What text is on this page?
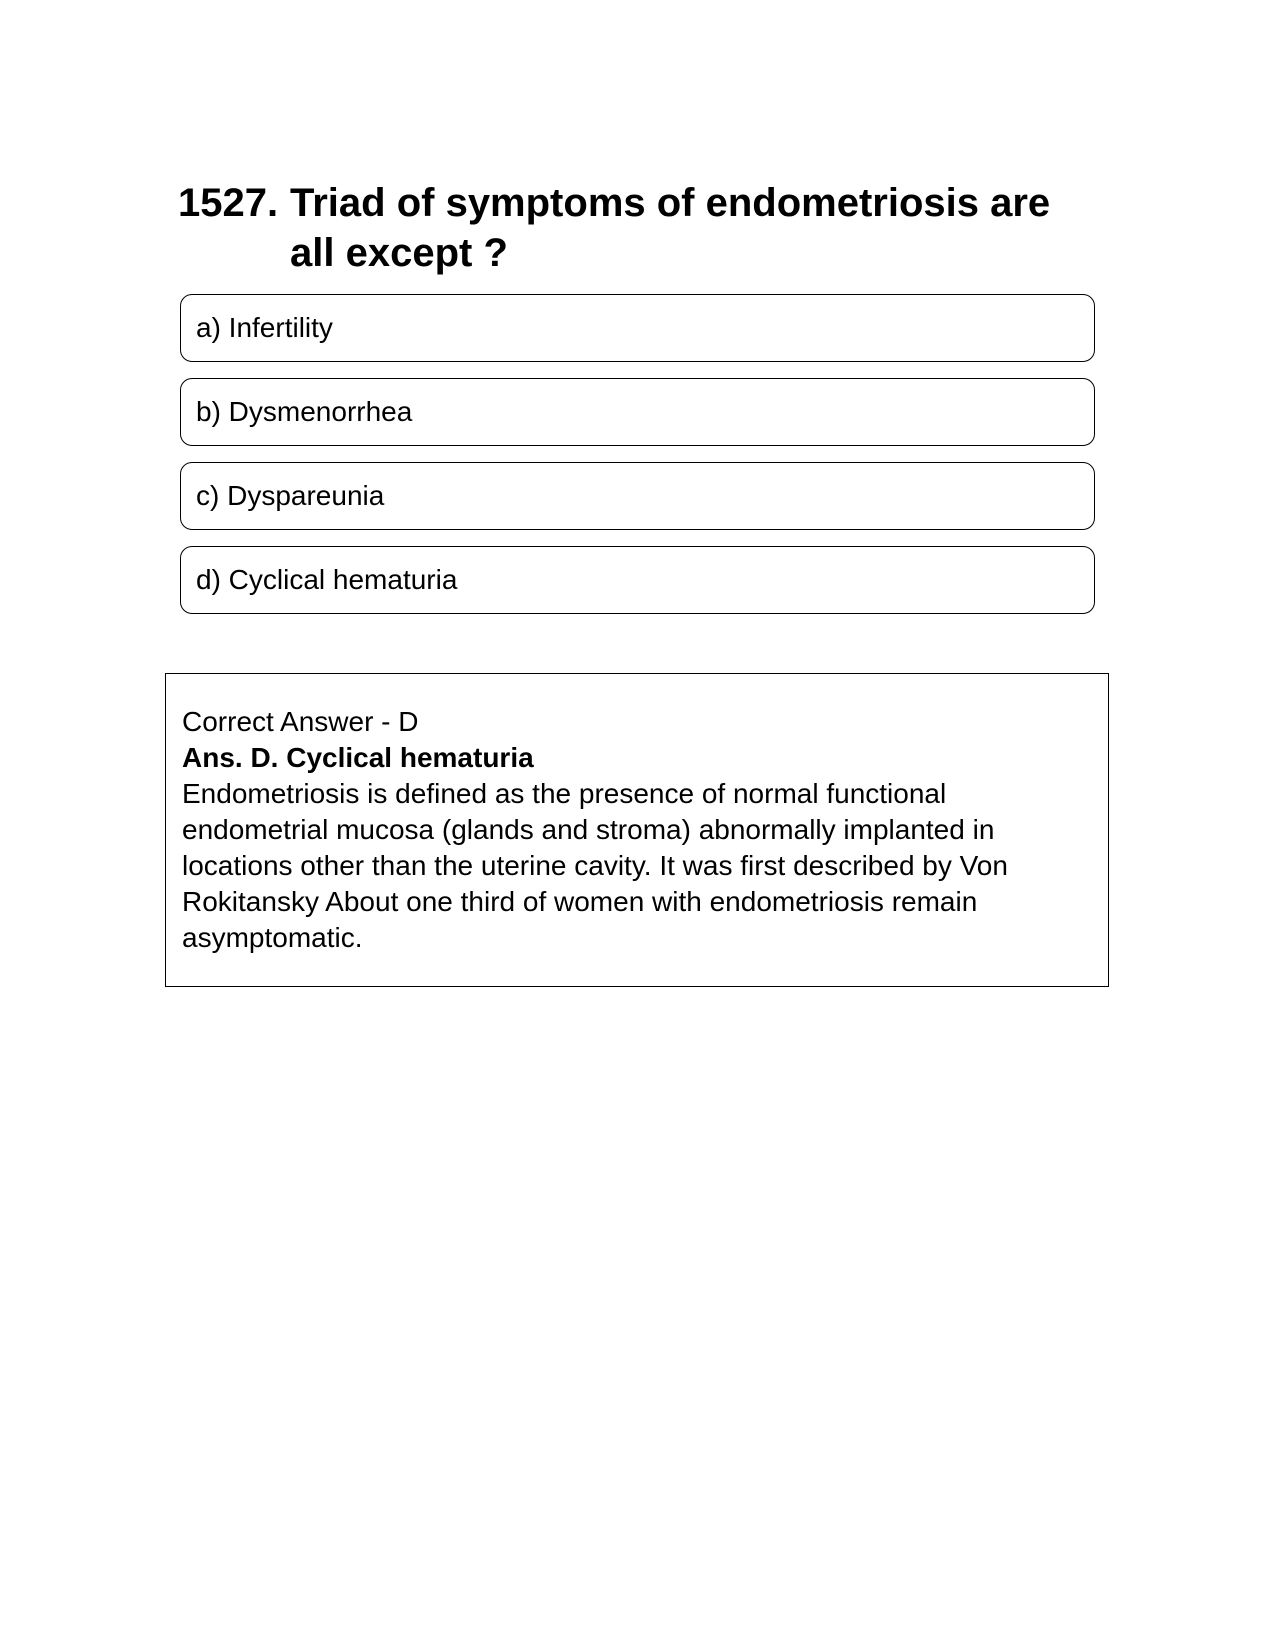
1527. Triad of symptoms of endometriosis are all except ?
a) Infertility
b) Dysmenorrhea
c) Dyspareunia
d) Cyclical hematuria
Correct Answer - D
Ans. D. Cyclical hematuria
Endometriosis is defined as the presence of normal functional endometrial mucosa (glands and stroma) abnormally implanted in locations other than the uterine cavity. It was first described by Von Rokitansky About one third of women with endometriosis remain asymptomatic.
